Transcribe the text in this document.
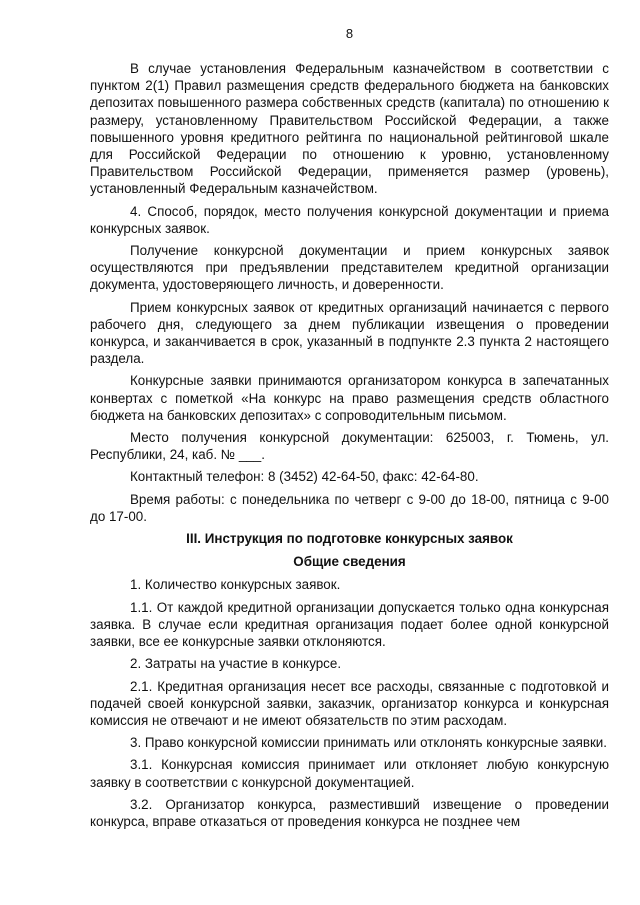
8

В случае установления Федеральным казначейством в соответствии с пунктом 2(1) Правил размещения средств федерального бюджета на банковских депозитах повышенного размера собственных средств (капитала) по отношению к размеру, установленному Правительством Российской Федерации, а также повышенного уровня кредитного рейтинга по национальной рейтинговой шкале для Российской Федерации по отношению к уровню, установленному Правительством Российской Федерации, применяется размер (уровень), установленный Федеральным казначейством.

4. Способ, порядок, место получения конкурсной документации и приема конкурсных заявок.

Получение конкурсной документации и прием конкурсных заявок осуществляются при предъявлении представителем кредитной организации документа, удостоверяющего личность, и доверенности.

Прием конкурсных заявок от кредитных организаций начинается с первого рабочего дня, следующего за днем публикации извещения о проведении конкурса, и заканчивается в срок, указанный в подпункте 2.3 пункта 2 настоящего раздела.

Конкурсные заявки принимаются организатором конкурса в запечатанных конвертах с пометкой «На конкурс на право размещения средств областного бюджета на банковских депозитах» с сопроводительным письмом.

Место получения конкурсной документации: 625003, г. Тюмень, ул. Республики, 24, каб. № ___.

Контактный телефон: 8 (3452) 42-64-50, факс: 42-64-80.

Время работы: с понедельника по четверг с 9-00 до 18-00, пятница с 9-00 до 17-00.

III. Инструкция по подготовке конкурсных заявок
Общие сведения

1. Количество конкурсных заявок.

1.1. От каждой кредитной организации допускается только одна конкурсная заявка. В случае если кредитная организация подает более одной конкурсной заявки, все ее конкурсные заявки отклоняются.

2. Затраты на участие в конкурсе.

2.1. Кредитная организация несет все расходы, связанные с подготовкой и подачей своей конкурсной заявки, заказчик, организатор конкурса и конкурсная комиссия не отвечают и не имеют обязательств по этим расходам.

3. Право конкурсной комиссии принимать или отклонять конкурсные заявки.

3.1. Конкурсная комиссия принимает или отклоняет любую конкурсную заявку в соответствии с конкурсной документацией.

3.2. Организатор конкурса, разместивший извещение о проведении конкурса, вправе отказаться от проведения конкурса не позднее чем
